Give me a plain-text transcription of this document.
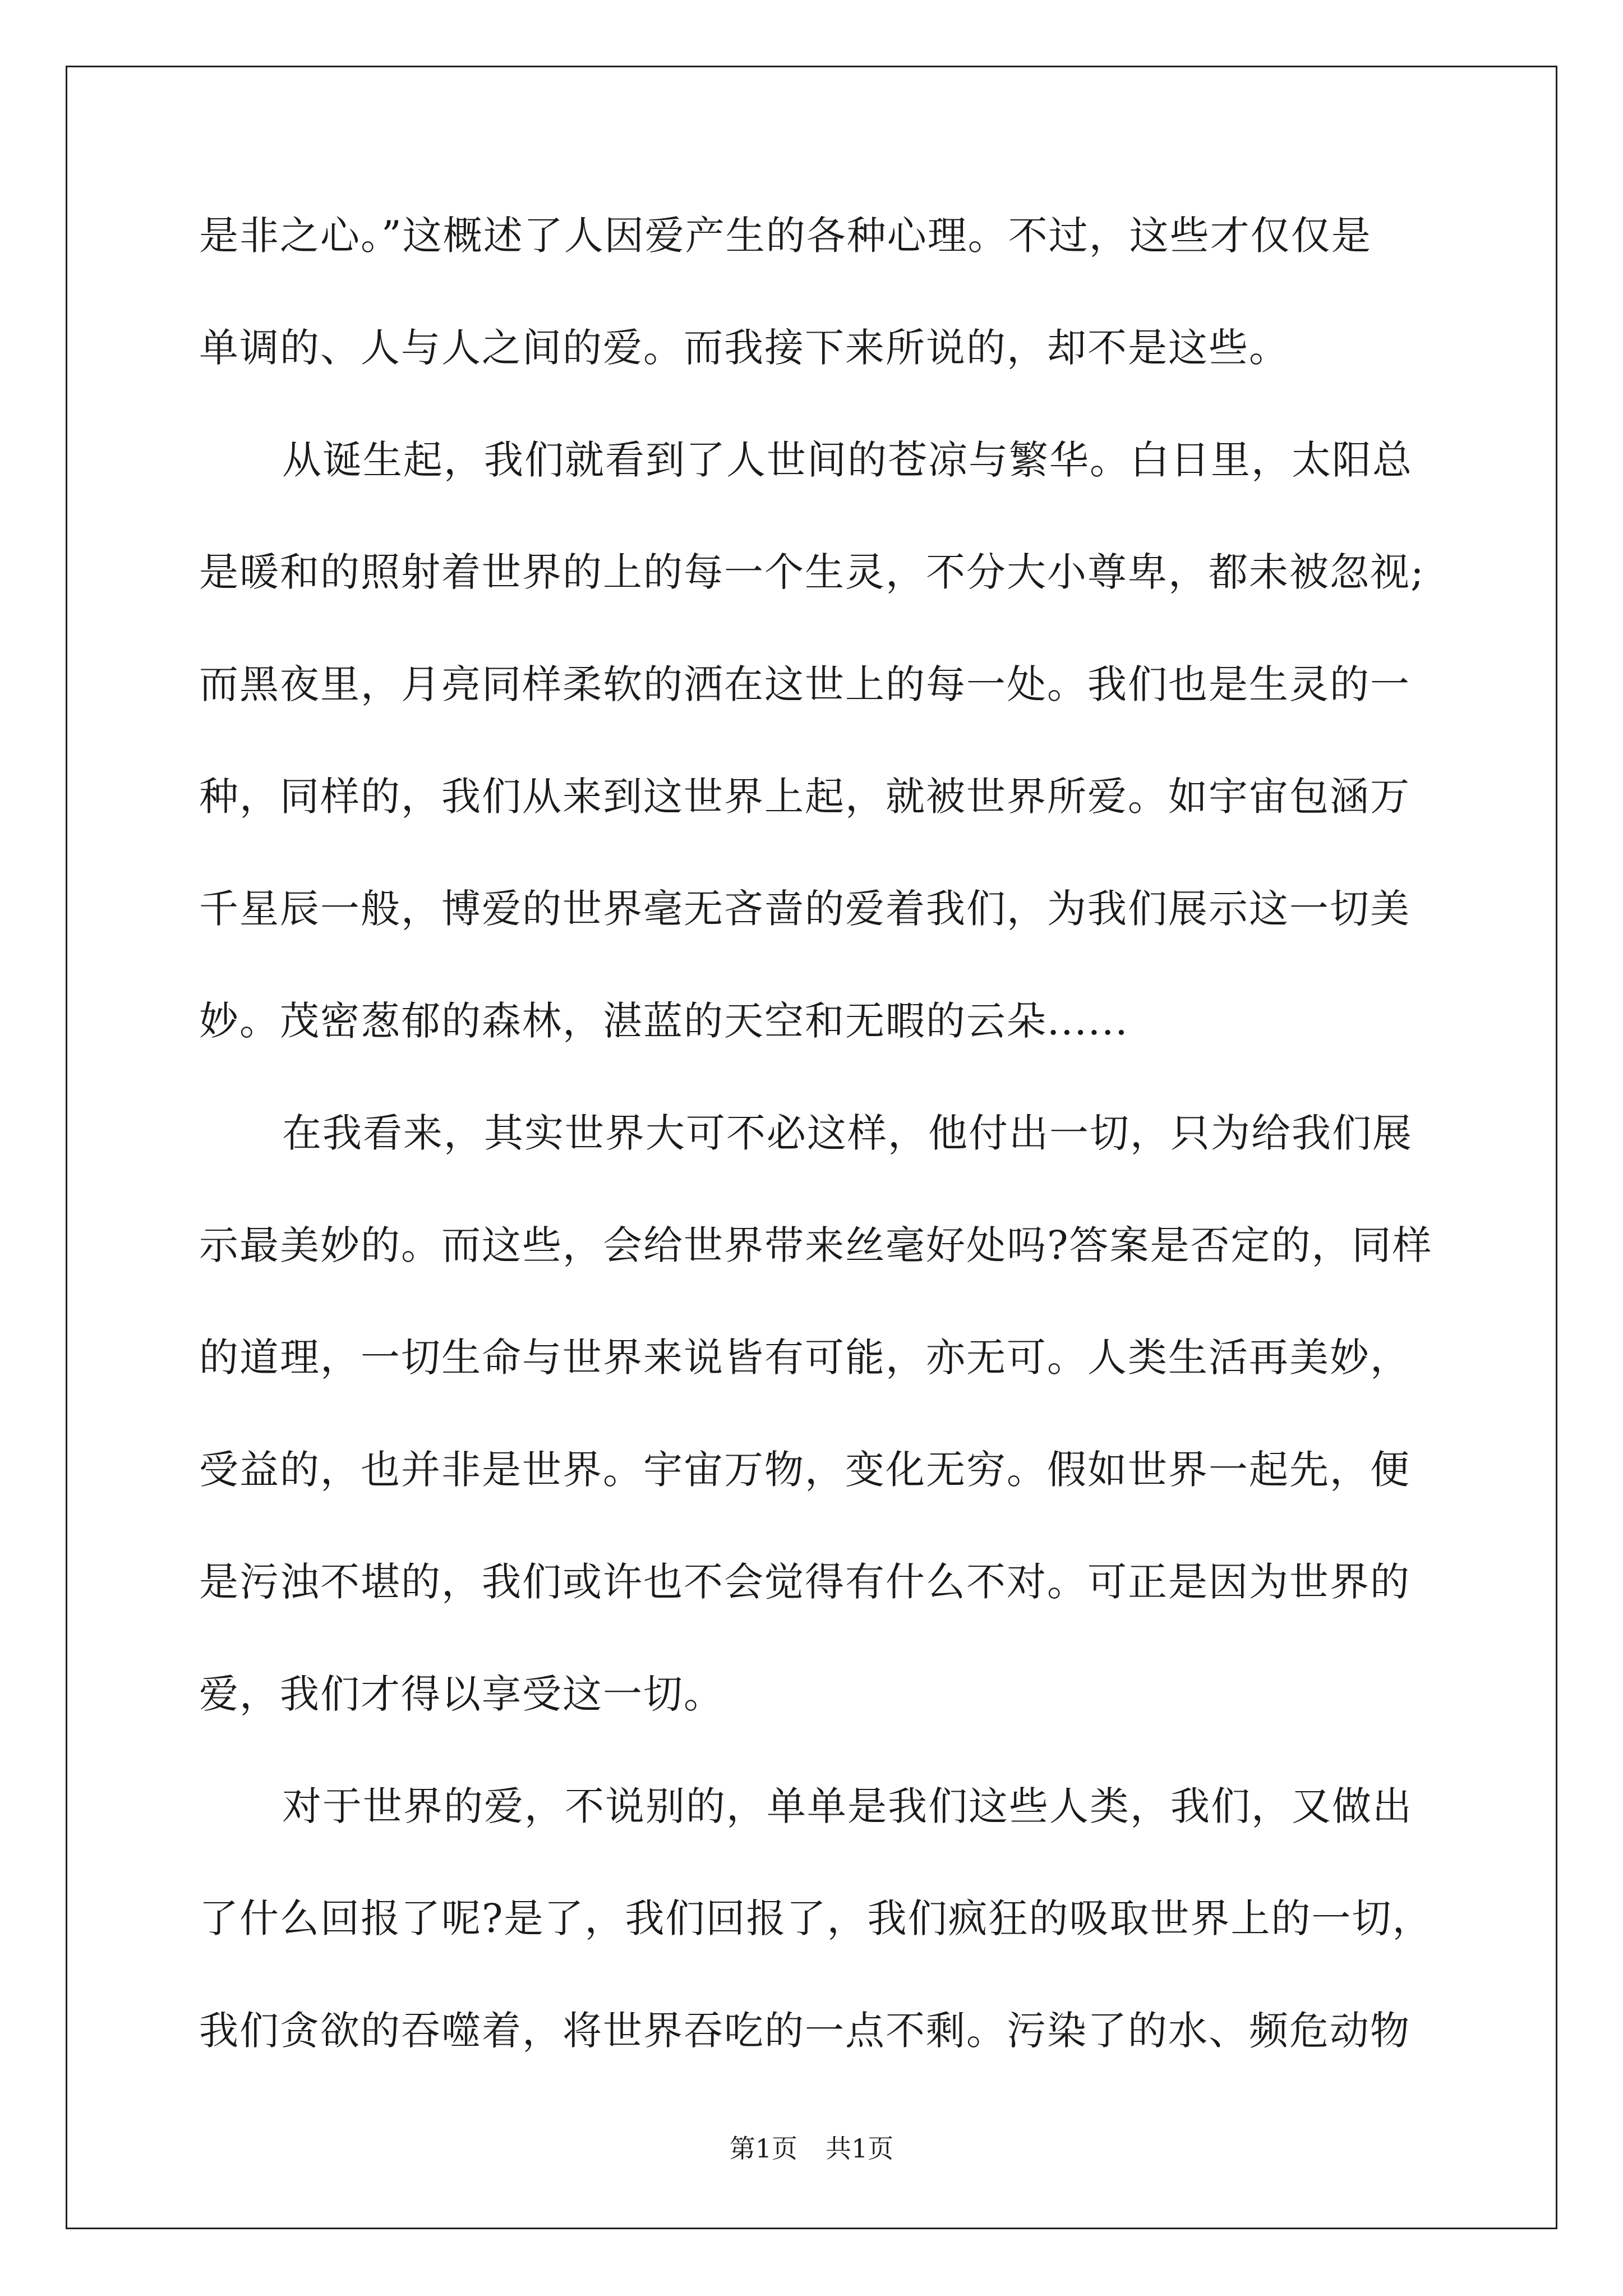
是非之心。”这概述了人因爱产生的各种心理。不过，这些才仅仅是
单调的、人与人之间的爱。而我接下来所说的，却不是这些。
从诞生起，我们就看到了人世间的苍凉与繁华。白日里，太阳总
是暖和的照射着世界的上的每一个生灵，不分大小尊卑，都未被忽视;
而黑夜里，月亮同样柔软的洒在这世上的每一处。我们也是生灵的一
种，同样的，我们从来到这世界上起，就被世界所爱。如宇宙包涵万
千星辰一般，博爱的世界毫无吝啬的爱着我们，为我们展示这一切美
妙。茂密葱郁的森林，湛蓝的天空和无暇的云朵......
在我看来，其实世界大可不必这样，他付出一切，只为给我们展
示最美妙的。而这些，会给世界带来丝毫好处吗?答案是否定的，同样
的道理，一切生命与世界来说皆有可能，亦无可。人类生活再美妙，
受益的，也并非是世界。宇宙万物，变化无穷。假如世界一起先，便
是污浊不堪的，我们或许也不会觉得有什么不对。可正是因为世界的
爱，我们才得以享受这一切。
对于世界的爱，不说别的，单单是我们这些人类，我们，又做出
了什么回报了呢?是了，我们回报了，我们疯狂的吸取世界上的一切，
我们贪欲的吞噬着，将世界吞吃的一点不剩。污染了的水、频危动物
第1页 共1页
